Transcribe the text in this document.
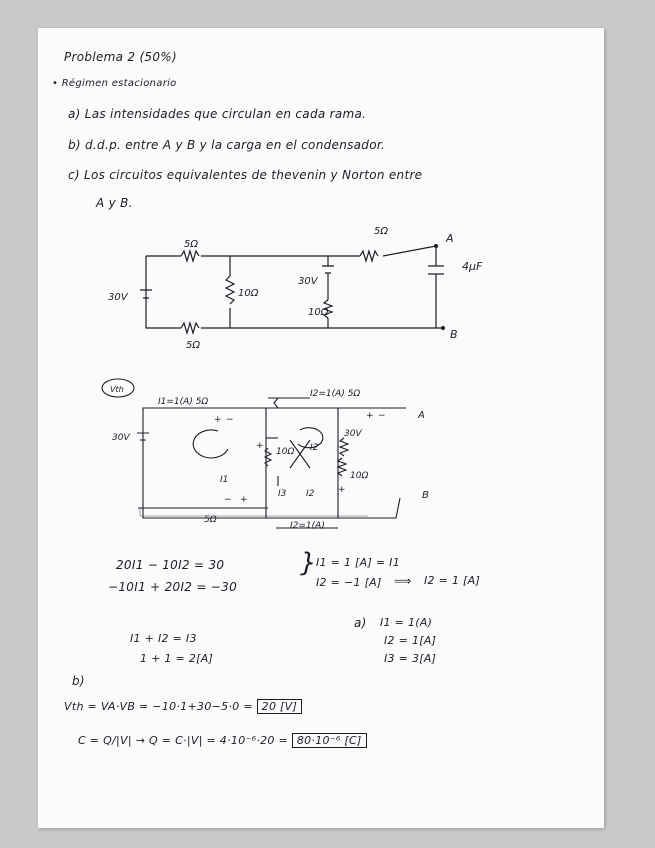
Problema 2 (50%)
• Régimen estacionario
a) Las intensidades que circulan en cada rama.
b) d.d.p. entre A y B y la carga en el condensador.
c) Los circuitos equivalentes de thevenin y Norton entre
A y B.
5Ω
5Ω
10Ω
10Ω
5Ω
30V
30V
4μF
A
B
Vth
I1=1(A) 5Ω
I2=1(A) 5Ω
30V	30V
10Ω
10Ω
I1
I2
I3 I2
5Ω
I2=1(A)
A
B
+ −	+ −
+
− +
+
20I1 − 10I2 = 30
−10I1 + 20I2 = −30
} I1 = 1 [A] = I1
I2 = −1 [A] ⟹ I2 = 1 [A]
a) I1 = 1(A)
I2 = 1[A]
I3 = 3[A]
I1 + I2 = I3
1 + 1 = 2[A]
b)
Vth = VA·VB = −10·1+30−5·0 = 20 [V]
C = Q/|V| → Q = C·|V| = 4·10⁻⁶·20 = 80·10⁻⁶ [C]
